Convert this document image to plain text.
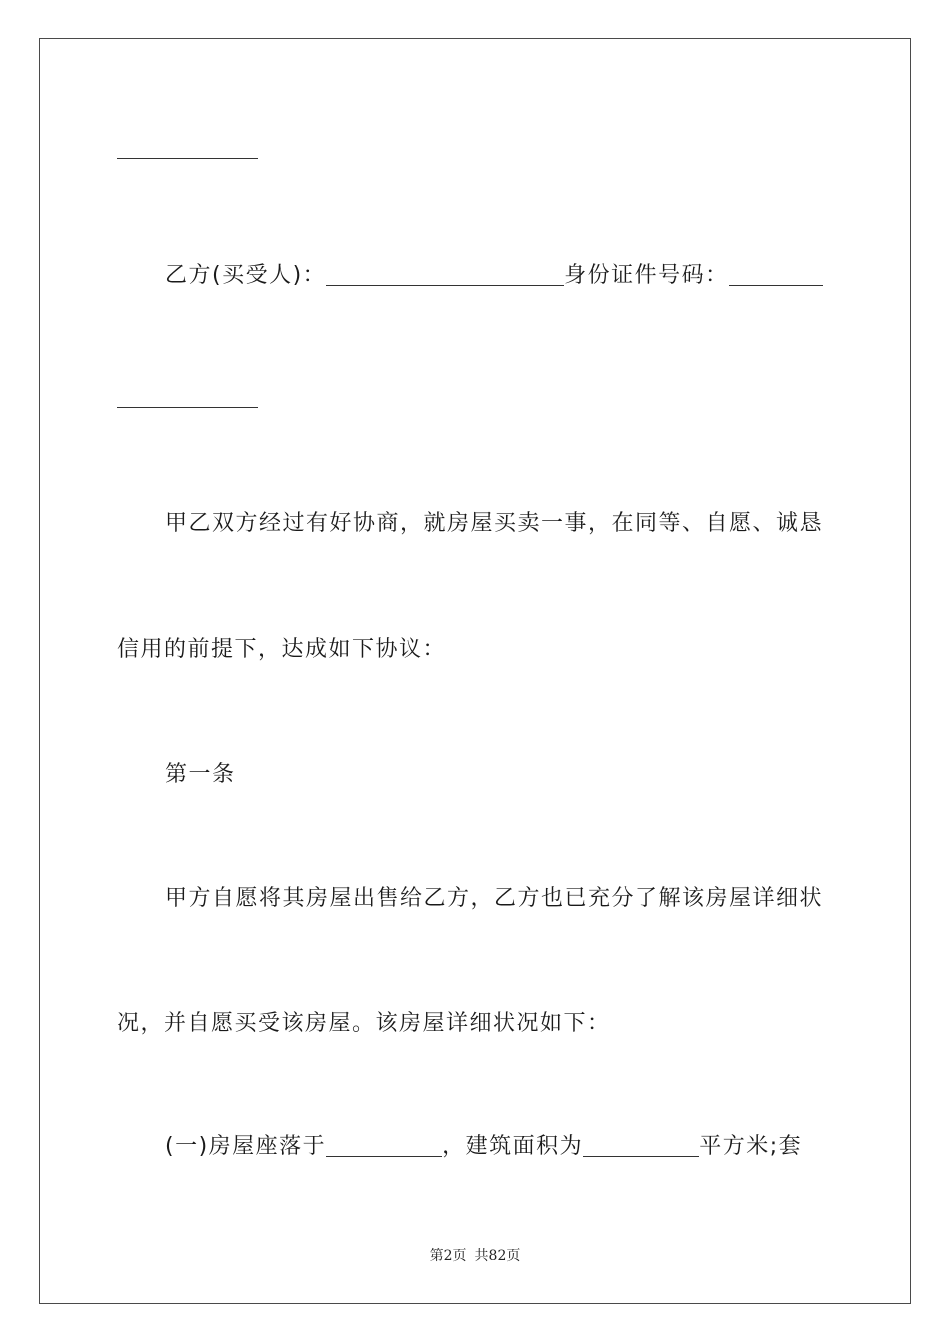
乙方(买受人)：	身份证件号码：
甲乙双方经过有好协商，就房屋买卖一事，在同等、自愿、诚恳
信用的前提下，达成如下协议：
第一条
甲方自愿将其房屋出售给乙方，乙方也已充分了解该房屋详细状
况，并自愿买受该房屋。该房屋详细状况如下：
(一)房屋座落于	，建筑面积为	平方米;套
第2页 共82页
